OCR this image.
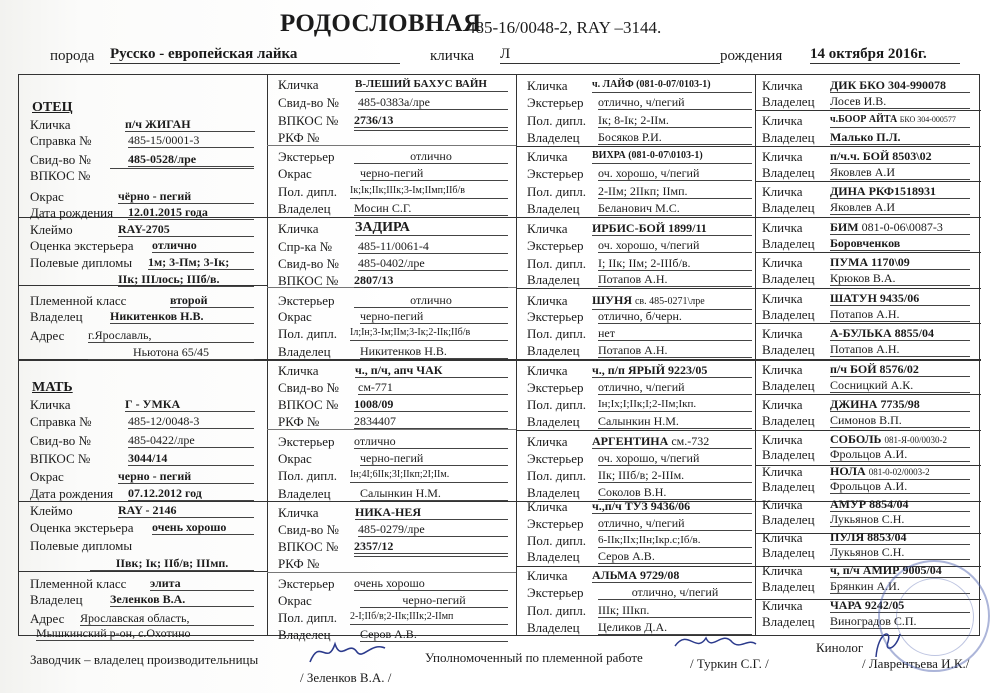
РОДОСЛОВНАЯ
485-16/0048-2, RAY –3144.
порода Русско - европейская лайка	кличка Л	рождения 14 октября 2016г.
ОТЕЦ
Кличка	п/ч ЖИГАН
Справка №	485-15/0001-3
Свид-во №	485-0528/лре
ВПКОС №
Окрас	чёрно - пегий
Дата рождения 12.01.2015 года
Клеймо	RAY-2705
Оценка экстерьера отлично
Полевые дипломы 1м; 3-Пм; 3-Iк;
IIк; IIIлось; IIIб/в.
Племенной класс	второй
Владелец Никитенков Н.В.
Адрес г.Ярославль,
Ньютона 65/45
МАТЬ
Кличка	Г - УМКА
Справка №	485-12/0048-3
Свид-во №	485-0422/лре
ВПКОС №	3044/14
Окрас	черно - пегий
Дата рождения 07.12.2012 год
Клеймо	RAY - 2146
Оценка экстерьера очень хорошо
Полевые дипломы
IIвк; Iк; IIб/в; IIIмп.
Племенной класс элита
Владелец Зеленков В.А.
Адрес Ярославская область,
Мышкинский р-он, с.Охотино
Кличка	В-ЛЕШИЙ БАХУС ВАЙН
Свид-во № 485-0383а/лре
ВПКОС № 2736/13
РКФ №
Экстерьер	отлично
Окрас	черно-пегий
Пол. дипл. Iк;Iк;IIк;IIIк;3-Iм;IIмп;IIб/в
Владелец Мосин С.Г.
Кличка	ЗАДИРА
Спр-ка № 485-11/0061-4
Свид-во № 485-0402/лре
ВПКОС № 2807/13
Экстерьер	отлично
Окрас	черно-пегий
Пол. дипл. Iл;Iн;3-Iм;IIм;3-Iк;2-IIк;IIб/в
Владелец Никитенков Н.В.
Кличка	ч., п/ч, апч ЧАК
Свид-во № см-771
ВПКОС № 1008/09
РКФ №	2834407
Экстерьер отлично
Окрас	черно-пегий
Пол. дипл. Iн;4I;6IIк;3I;IIкп;2I;IIм.
Владелец Салынкин Н.М.
Кличка	НИКА-НЕЯ
Свид-во № 485-0279/лре
ВПКОС № 2357/12
РКФ №
Экстерьер очень хорошо
Окрас	черно-пегий
Пол. дипл. 2-I;IIб/в;2-IIк;IIIк;2-IIмп
Владелец Серов А.В.
Кличка ч. ЛАЙФ (081-0-07/0103-1)
Экстерьер отлично, ч/пегий
Пол. дипл. Iк; 8-Iк; 2-IIм.
Владелец Босяков Р.И.
Кличка ВИХРА (081-0-07\0103-1)
Экстерьер оч. хорошо, ч/пегий
Пол. дипл. 2-IIм; 2IIкп; IIмп.
Владелец Беланович М.С.
Кличка ИРБИС-БОЙ 1899/11
Экстерьер оч. хорошо, ч/пегий
Пол. дипл. I; IIк; IIм; 2-IIIб/в.
Владелец Потапов А.Н.
Кличка ШУНЯ св. 485-0271\лре
Экстерьер отлично, б/черн.
Пол. дипл. нет
Владелец Потапов А.Н.
Кличка ч., п/п ЯРЫЙ 9223/05
Экстерьер отлично, ч/пегий
Пол. дипл. Iн;Iх;I;IIк;I;2-IIм;Iкп.
Владелец Салынкин Н.М.
Кличка АРГЕНТИНА см.-732
Экстерьер оч. хорошо, ч/пегий
Пол. дипл. IIк; IIIб/в; 2-IIIм.
Владелец Соколов В.Н.
Кличка ч.,п/ч ТУЗ 9436/06
Экстерьер отлично, ч/пегий
Пол. дипл. 6-IIк;IIх;IIн;Iкр.с;Iб/в.
Владелец Серов А.В.
Кличка АЛЬМА 9729/08
Экстерьер	отлично, ч/пегий
Пол. дипл. IIIк; IIIкп.
Владелец Целиков Д.А.
Кличка ДИК БКО 304-990078
Владелец Лосев И.В.
Кличка	ч.БООР АЙТА БКО 304-000577
Владелец Малько П.Л.
Кличка п/ч.ч. БОЙ 8503\02
Владелец Яковлев А.И
Кличка ДИНА РКФ1518931
Владелец Яковлев А.И
Кличка БИМ 081-0-06\0087-3
Владелец Боровченков
Кличка ПУМА 1170\09
Владелец Крюков В.А.
Кличка ШАТУН 9435/06
Владелец Потапов А.Н.
Кличка А-БУЛЬКА 8855/04
Владелец Потапов А.Н.
Кличка п/ч БОЙ 8576/02
Владелец Сосницкий А.К.
Кличка ДЖИНА 7735/98
Владелец Симонов В.П.
Кличка СОБОЛЬ 081-Я-00/0030-2
Владелец Фрольцов А.И.
Кличка НОЛА 081-0-02/0003-2
Владелец Фрольцов А.И.
Кличка АМУР 8854/04
Владелец Лукьянов С.Н.
Кличка ПУЛЯ 8853/04
Владелец Лукьянов С.Н.
Кличка ч, п/ч АМИР 9005/04
Владелец Брянкин А.И.
Кличка ЧАРА 9242/05
Владелец Виноградов С.П.
Заводчик – владелец производительницы
/ Зеленков В.А. /
Уполномоченный по племенной работе	/ Туркин С.Г. /
Кинолог
/ Лаврентьева И.К./
